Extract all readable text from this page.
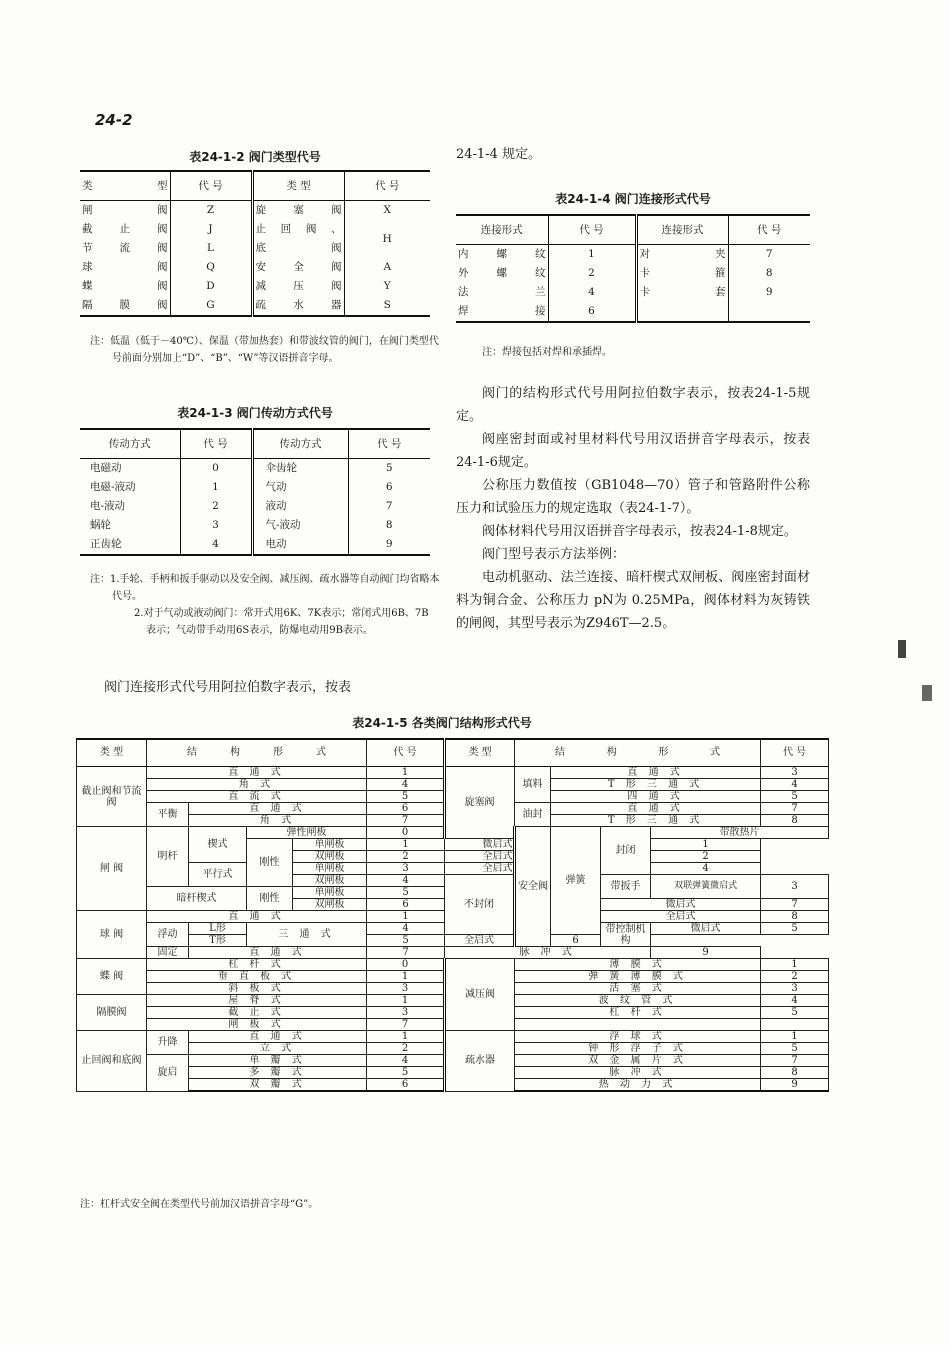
24-2
表24-1-2 阀门类型代号
类 型	代 号	类 型	代 号
闸 阀	Z	旋塞阀	X
截止阀	J	止回阀、	H
节流阀	L	底 阀	
球 阀	Q	安全阀	A
蝶 阀	D	减压阀	Y
隔膜阀	G	疏水器	S
注：低温（低于－40℃）、保温（带加热套）和带波纹管的阀门，在阀门类型代号前面分别加上“D”、“B”、“W”等汉语拼音字母。
表24-1-3 阀门传动方式代号
传动方式	代 号	传动方式	代 号
电磁动	0	伞齿轮	5
电磁-液动	1	气动	6
电-液动	2	液动	7
蜗轮	3	气-液动	8
正齿轮	4	电动	9
注：1.手轮、手柄和扳手驱动以及安全阀、减压阀、疏水器等自动阀门均省略本代号。
2.对于气动或液动阀门：常开式用6K、7K表示；常闭式用6B、7B表示；气动带手动用6S表示，防爆电动用9B表示。
阀门连接形式代号用阿拉伯数字表示，按表
24-1-4 规定。
表24-1-4 阀门连接形式代号
连接形式	代 号	连接形式	代 号
内螺纹	1	对 夹	7
外螺纹	2	卡 箍	8
法 兰	4	卡 套	9
焊 接	6		
注：焊接包括对焊和承插焊。
阀门的结构形式代号用阿拉伯数字表示，按表24-1-5规定。
阀座密封面或衬里材料代号用汉语拼音字母表示，按表24-1-6规定。
公称压力数值按（GB1048—70）管子和管路附件公称压力和试验压力的规定选取（表24-1-7）。
阀体材料代号用汉语拼音字母表示，按表24-1-8规定。
阀门型号表示方法举例：
电动机驱动、法兰连接、暗杆楔式双闸板、阀座密封面材料为铜合金、公称压力 pN为 0.25MPa，阀体材料为灰铸铁的闸阀，其型号表示为Z946T—2.5。
表24-1-5 各类阀门结构形式代号
类 型	结 构 形 式				代 号	类 型	结 构 形 式				代 号	
截止阀和节流阀	直 通 式				1	旋塞阀	填料	直 通 式			3	
	角 式				4			T 形 三 通 式			4	
	直 流 式				5			四 通 式			5	
	平衡	直 通 式			6		油封	直 通 式			7	
		角 式			7			T 形 三 通 式			8	
闸 阀	明杆	楔式	弹性闸板		0		安全阀	弹簧	封闭	带散热片	
			刚性	单闸板	1	微启式				1		
				双闸板	2	全启式				2		
		平行式		单闸板	3	全启式				4		
				双闸板	4	不封闭			带扳手	双联弹簧微启式	3	
	暗杆楔式		刚性	单闸板	5							
				双闸板	6				微启式		7	
球 阀	直 通 式				1				全启式		8	
	浮动	L形	三 通 式		4				带控制机构	微启式	5	
		T形			5	全启式		6				
	固定	直 通 式			7	脉 冲 式				9		
蝶 阀	杠 杆 式				0	减压阀	薄 膜 式				1	
	垂 直 板 式				1		弹 簧 薄 膜 式				2	
	斜 板 式				3		活 塞 式				3	
隔膜阀	屋 脊 式				1		波 纹 管 式				4	
	截 止 式				3		杠 杆 式				5	
	闸 板 式				7							
止回阀和底阀	升降	直 通 式			1	疏水器	浮 球 式				1	
		立 式			2		钟 形 浮 子 式				5	
	旋启	单 瓣 式			4		双 金 属 片 式				7	
		多 瓣 式			5		脉 冲 式				8	
		双 瓣 式			6		热 动 力 式				9	
注：杠杆式安全阀在类型代号前加汉语拼音字母“G”。
